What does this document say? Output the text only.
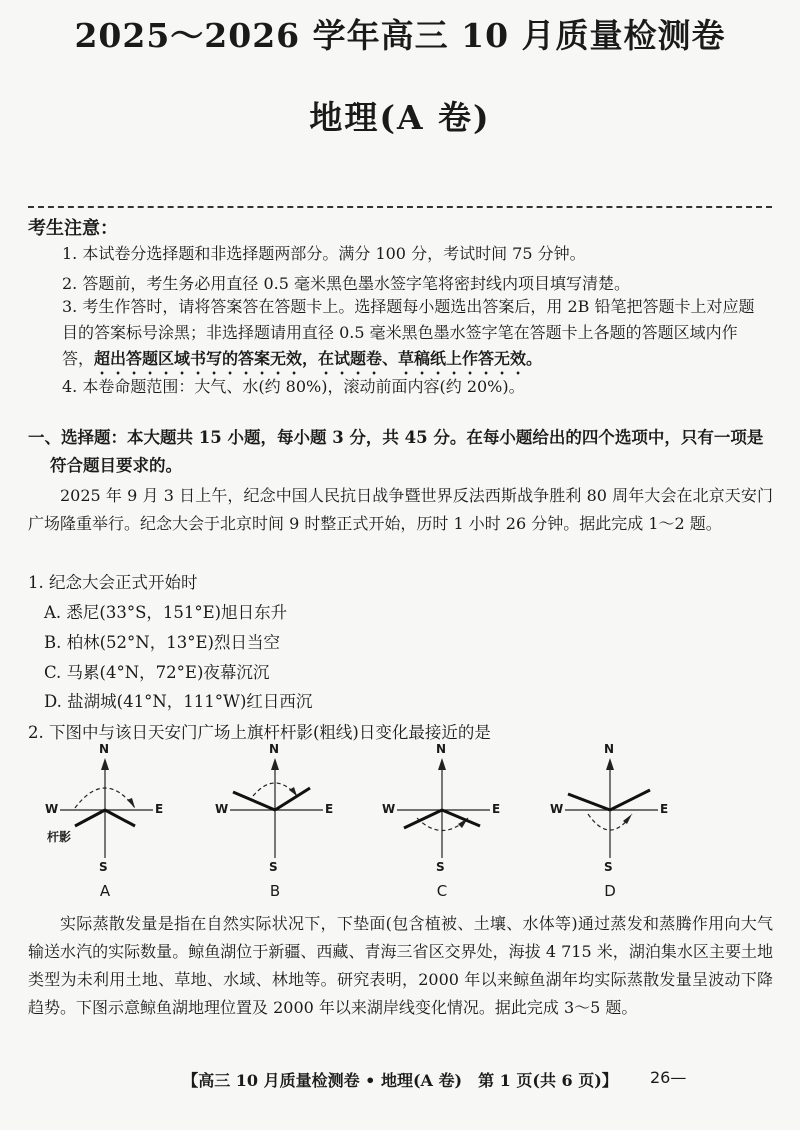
2025～2026 学年高三 10 月质量检测卷
地理(A 卷)
考生注意：
1. 本试卷分选择题和非选择题两部分。满分 100 分，考试时间 75 分钟。
2. 答题前，考生务必用直径 0.5 毫米黑色墨水签字笔将密封线内项目填写清楚。
3. 考生作答时，请将答案答在答题卡上。选择题每小题选出答案后，用 2B 铅笔把答题卡上对应题目的答案标号涂黑；非选择题请用直径 0.5 毫米黑色墨水签字笔在答题卡上各题的答题区域内作答，超出答题区域书写的答案无效，在试题卷、草稿纸上作答无效。
4. 本卷命题范围：大气、水(约 80%)，滚动前面内容(约 20%)。
一、选择题：本大题共 15 小题，每小题 3 分，共 45 分。在每小题给出的四个选项中，只有一项是
符合题目要求的。
2025 年 9 月 3 日上午，纪念中国人民抗日战争暨世界反法西斯战争胜利 80 周年大会在北京天安门广场隆重举行。纪念大会于北京时间 9 时整正式开始，历时 1 小时 26 分钟。据此完成 1～2 题。
1. 纪念大会正式开始时
A. 悉尼(33°S，151°E)旭日东升
B. 柏林(52°N，13°E)烈日当空
C. 马累(4°N，72°E)夜幕沉沉
D. 盐湖城(41°N，111°W)红日西沉
2. 下图中与该日天安门广场上旗杆杆影(粗线)日变化最接近的是
N
S
W	E
杆影
N
S
W	E
N
S
W	E
N
S
W	E
A	B	C	D
实际蒸散发量是指在自然实际状况下，下垫面(包含植被、土壤、水体等)通过蒸发和蒸腾作用向大气输送水汽的实际数量。鲸鱼湖位于新疆、西藏、青海三省区交界处，海拔 4 715 米，湖泊集水区主要土地类型为未利用土地、草地、水域、林地等。研究表明，2000 年以来鲸鱼湖年均实际蒸散发量呈波动下降趋势。下图示意鲸鱼湖地理位置及 2000 年以来湖岸线变化情况。据此完成 3～5 题。
【高三 10 月质量检测卷 • 地理(A 卷)　第 1 页(共 6 页)】	26—
